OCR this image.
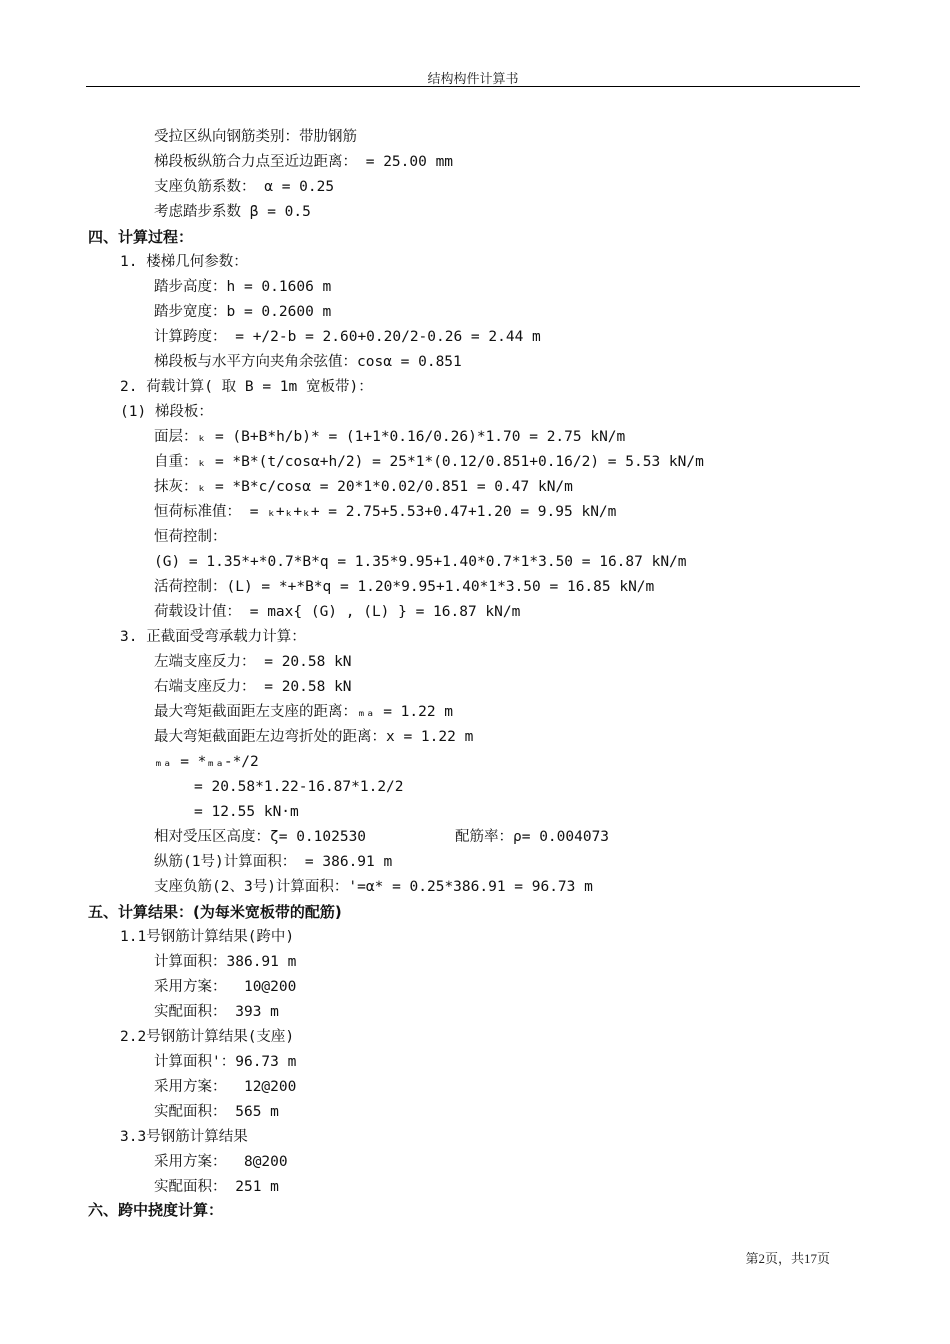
结构构件计算书
受拉区纵向钢筋类别：带肋钢筋
梯段板纵筋合力点至近边距离： = 25.00 mm
支座负筋系数： α = 0.25
考虑踏步系数 β = 0.5
四、计算过程：
1. 楼梯几何参数：
踏步高度：h = 0.1606 m
踏步宽度：b = 0.2600 m
计算跨度： = +/2-b = 2.60+0.20/2-0.26 = 2.44 m
梯段板与水平方向夹角余弦值：cosα = 0.851
2. 荷载计算( 取 B = 1m 宽板带)：
(1) 梯段板：
面层：ₖ = (B+B*h/b)* = (1+1*0.16/0.26)*1.70 = 2.75 kN/m
自重：ₖ = *B*(t/cosα+h/2) = 25*1*(0.12/0.851+0.16/2) = 5.53 kN/m
抹灰：ₖ = *B*c/cosα = 20*1*0.02/0.851 = 0.47 kN/m
恒荷标准值： = ₖ+ₖ+ₖ+ = 2.75+5.53+0.47+1.20 = 9.95 kN/m
恒荷控制：
(G) = 1.35*+*0.7*B*q = 1.35*9.95+1.40*0.7*1*3.50 = 16.87 kN/m
活荷控制：(L) = *+*B*q = 1.20*9.95+1.40*1*3.50 = 16.85 kN/m
荷载设计值： = max{ (G) , (L) } = 16.87 kN/m
3. 正截面受弯承载力计算：
左端支座反力： = 20.58 kN
右端支座反力： = 20.58 kN
最大弯矩截面距左支座的距离：ₘₐ = 1.22 m
最大弯矩截面距左边弯折处的距离：x = 1.22 m
ₘₐ = *ₘₐ-*/2
= 20.58*1.22-16.87*1.2/2
= 12.55 kN·m
相对受压区高度：ζ= 0.102530	配筋率：ρ= 0.004073
纵筋(1号)计算面积： = 386.91 m
支座负筋(2、3号)计算面积：'=α* = 0.25*386.91 = 96.73 m
五、计算结果：(为每米宽板带的配筋)
1.1号钢筋计算结果(跨中)
计算面积：386.91 m
采用方案：  10@200
实配面积： 393 m
2.2号钢筋计算结果(支座)
计算面积'：96.73 m
采用方案：  12@200
实配面积： 565 m
3.3号钢筋计算结果
采用方案：  8@200
实配面积： 251 m
六、跨中挠度计算：
第2页，共17页
